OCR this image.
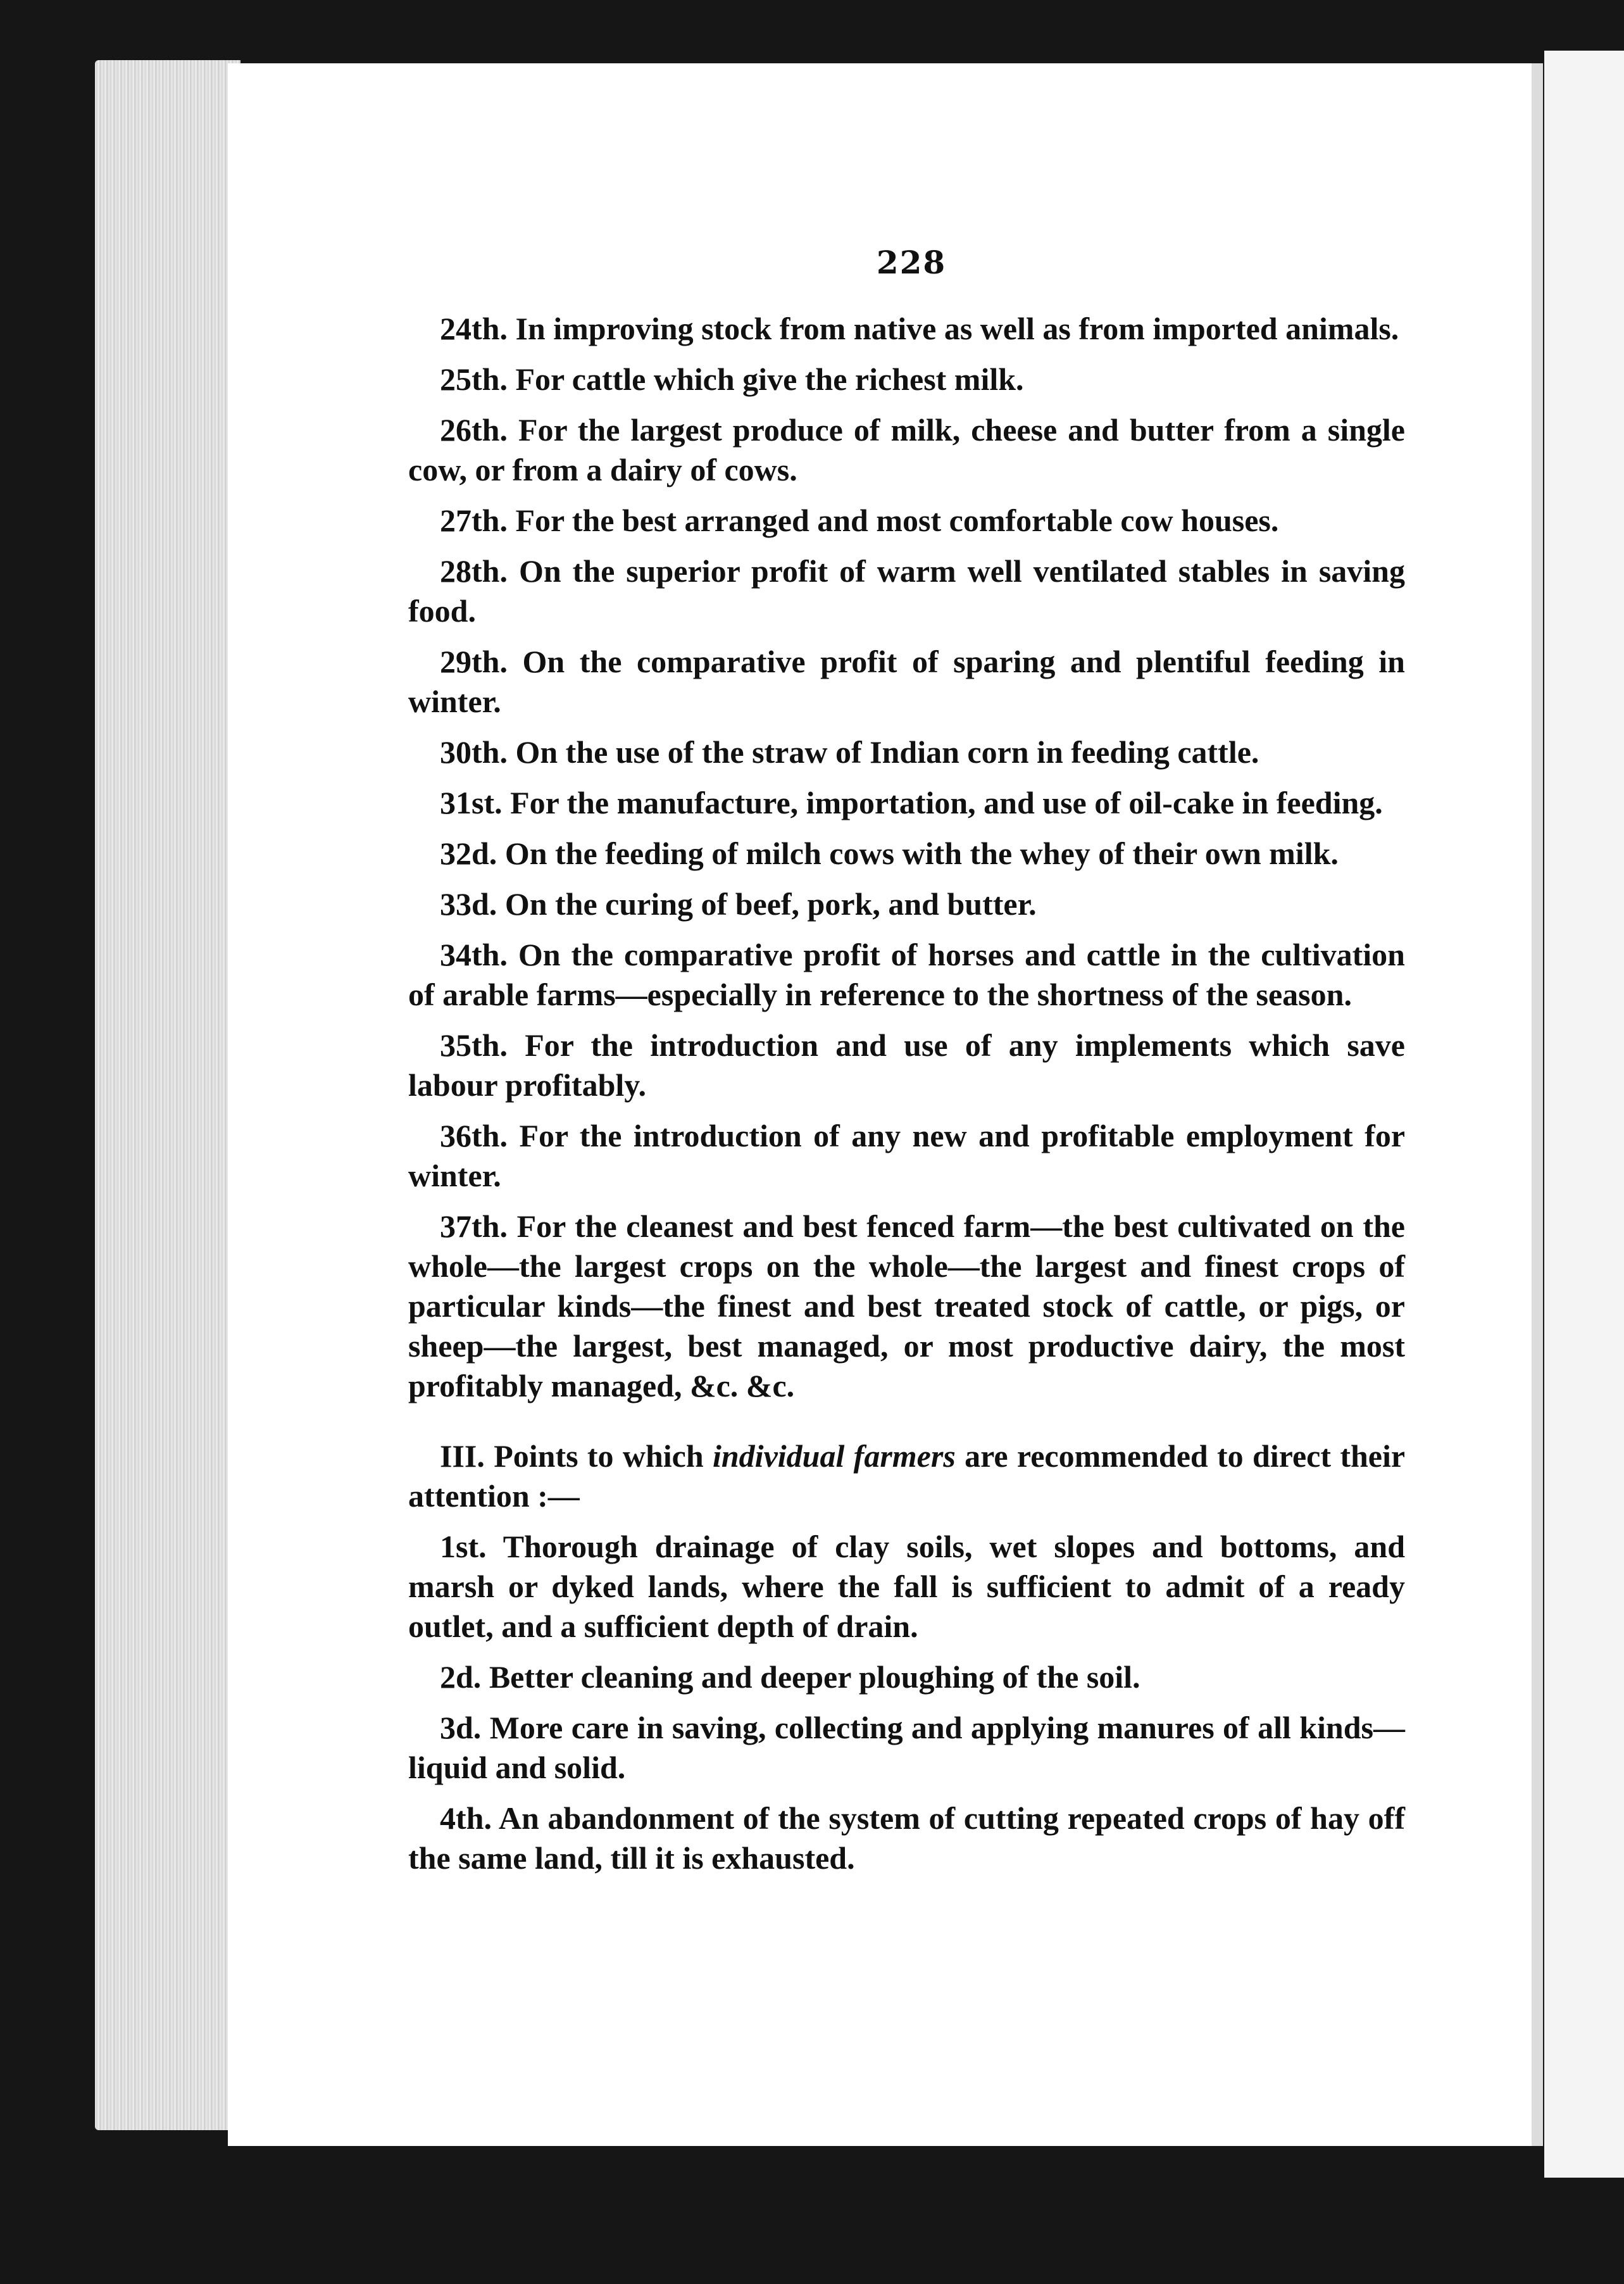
228

24th. In improving stock from native as well as from imported animals.

25th. For cattle which give the richest milk.

26th. For the largest produce of milk, cheese and butter from a single cow, or from a dairy of cows.

27th. For the best arranged and most comfortable cow houses.

28th. On the superior profit of warm well ventilated stables in saving food.

29th. On the comparative profit of sparing and plentiful feeding in winter.

30th. On the use of the straw of Indian corn in feeding cattle.

31st. For the manufacture, importation, and use of oil-cake in feeding.

32d. On the feeding of milch cows with the whey of their own milk.

33d. On the curing of beef, pork, and butter.

34th. On the comparative profit of horses and cattle in the cultivation of arable farms—especially in reference to the shortness of the season.

35th. For the introduction and use of any implements which save labour profitably.

36th. For the introduction of any new and profitable employment for winter.

37th. For the cleanest and best fenced farm—the best cultivated on the whole—the largest crops on the whole—the largest and finest crops of particular kinds—the finest and best treated stock of cattle, or pigs, or sheep—the largest, best managed, or most productive dairy, the most profitably managed, &c. &c.

III. Points to which individual farmers are recommended to direct their attention :—

1st. Thorough drainage of clay soils, wet slopes and bottoms, and marsh or dyked lands, where the fall is sufficient to admit of a ready outlet, and a sufficient depth of drain.

2d. Better cleaning and deeper ploughing of the soil.

3d. More care in saving, collecting and applying manures of all kinds—liquid and solid.

4th. An abandonment of the system of cutting repeated crops of hay off the same land, till it is exhausted.
